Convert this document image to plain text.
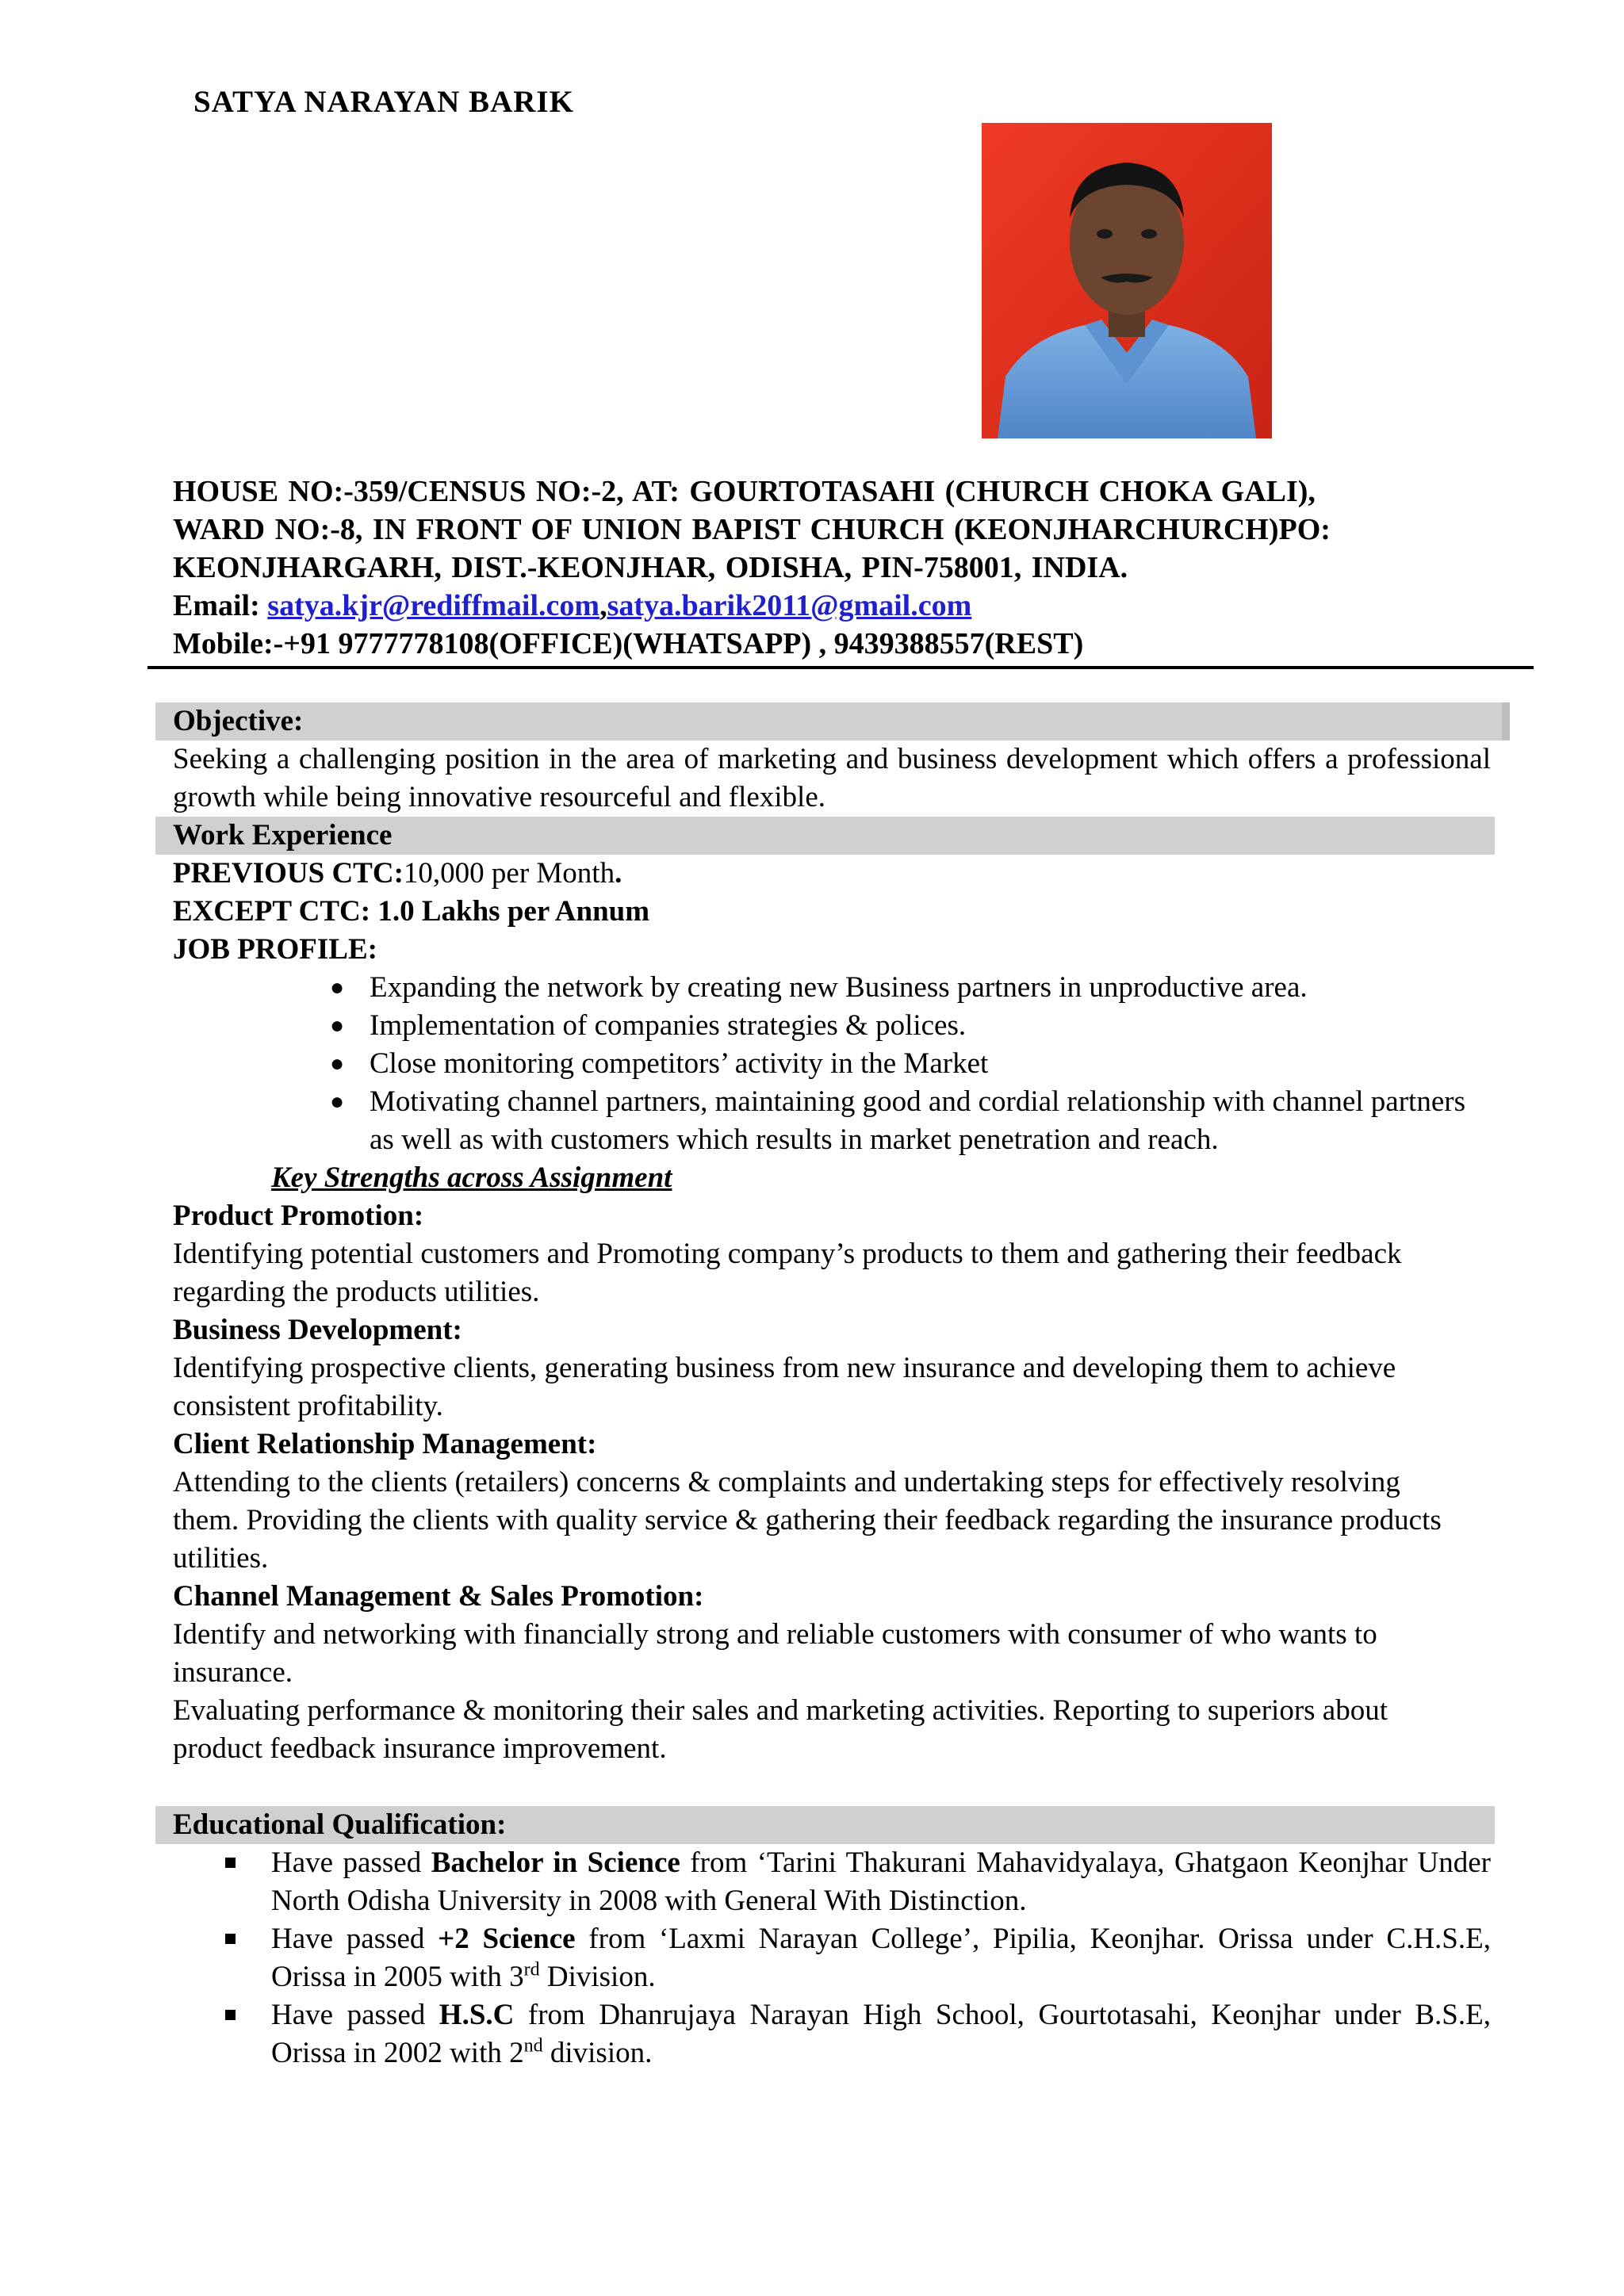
SATYA NARAYAN BARIK
HOUSE NO:-359/CENSUS NO:-2, AT: GOURTOTASAHI (CHURCH CHOKA GALI),
WARD NO:-8, IN FRONT OF UNION BAPIST CHURCH (KEONJHARCHURCH)PO:
KEONJHARGARH, DIST.-KEONJHAR, ODISHA, PIN-758001, INDIA.
Email: satya.kjr@rediffmail.com,satya.barik2011@gmail.com
Mobile:-+91 9777778108(OFFICE)(WHATSAPP) , 9439388557(REST)
Objective:
Seeking a challenging position in the area of marketing and business development which offers a professional growth while being innovative resourceful and flexible.
Work Experience
PREVIOUS CTC:10,000 per Month.
EXCEPT CTC: 1.0 Lakhs per Annum
JOB PROFILE:
● Expanding the network by creating new Business partners in unproductive area.
● Implementation of companies strategies & polices.
● Close monitoring competitors’ activity in the Market
● Motivating channel partners, maintaining good and cordial relationship with channel partners as well as with customers which results in market penetration and reach.
Key Strengths across Assignment
Product Promotion:
Identifying potential customers and Promoting company’s products to them and gathering their feedback regarding the products utilities.
Business Development:
Identifying prospective clients, generating business from new insurance and developing them to achieve consistent profitability.
Client Relationship Management:
Attending to the clients (retailers) concerns & complaints and undertaking steps for effectively resolving them. Providing the clients with quality service & gathering their feedback regarding the insurance products utilities.
Channel Management & Sales Promotion:
Identify and networking with financially strong and reliable customers with consumer of who wants to insurance.
Evaluating performance & monitoring their sales and marketing activities. Reporting to superiors about product feedback insurance improvement.
Educational Qualification:
Have passed Bachelor in Science from ‘Tarini Thakurani Mahavidyalaya, Ghatgaon Keonjhar Under North Odisha University in 2008 with General With Distinction.
Have passed +2 Science from ‘Laxmi Narayan College’, Pipilia, Keonjhar. Orissa under C.H.S.E, Orissa in 2005 with 3rd Division.
Have passed H.S.C from Dhanrujaya Narayan High School, Gourtotasahi, Keonjhar under B.S.E, Orissa in 2002 with 2nd division.
